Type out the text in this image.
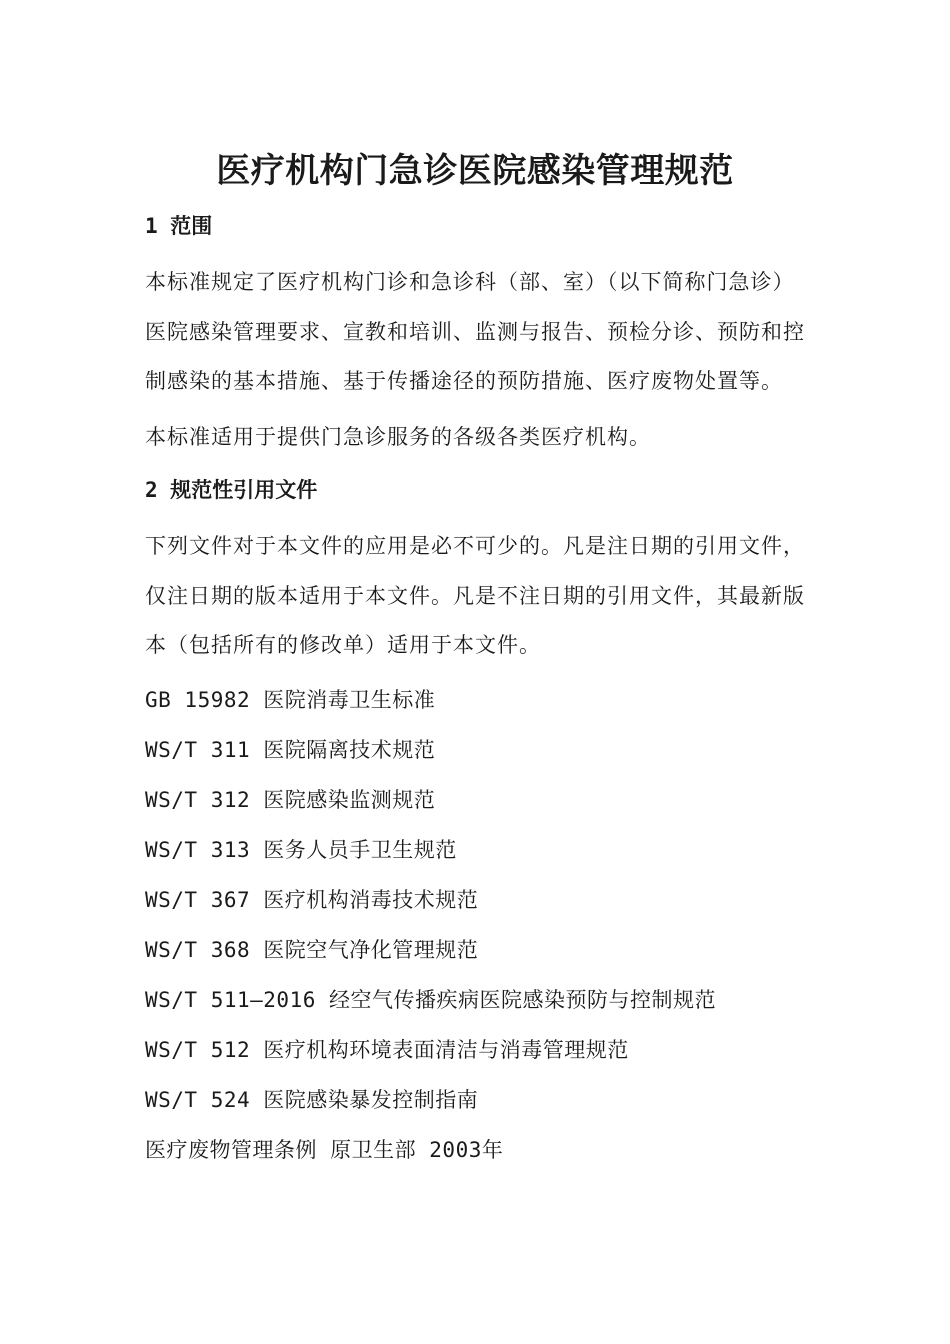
医疗机构门急诊医院感染管理规范
1 范围

本标准规定了医疗机构门诊和急诊科（部、室）（以下简称门急诊）医院感染管理要求、宣教和培训、监测与报告、预检分诊、预防和控制感染的基本措施、基于传播途径的预防措施、医疗废物处置等。

本标准适用于提供门急诊服务的各级各类医疗机构。

2 规范性引用文件

下列文件对于本文件的应用是必不可少的。凡是注日期的引用文件，仅注日期的版本适用于本文件。凡是不注日期的引用文件，其最新版本（包括所有的修改单）适用于本文件。

GB 15982 医院消毒卫生标准
WS/T 311 医院隔离技术规范
WS/T 312 医院感染监测规范
WS/T 313 医务人员手卫生规范
WS/T 367 医疗机构消毒技术规范
WS/T 368 医院空气净化管理规范
WS/T 511—2016 经空气传播疾病医院感染预防与控制规范
WS/T 512 医疗机构环境表面清洁与消毒管理规范
WS/T 524 医院感染暴发控制指南
医疗废物管理条例 原卫生部 2003年
